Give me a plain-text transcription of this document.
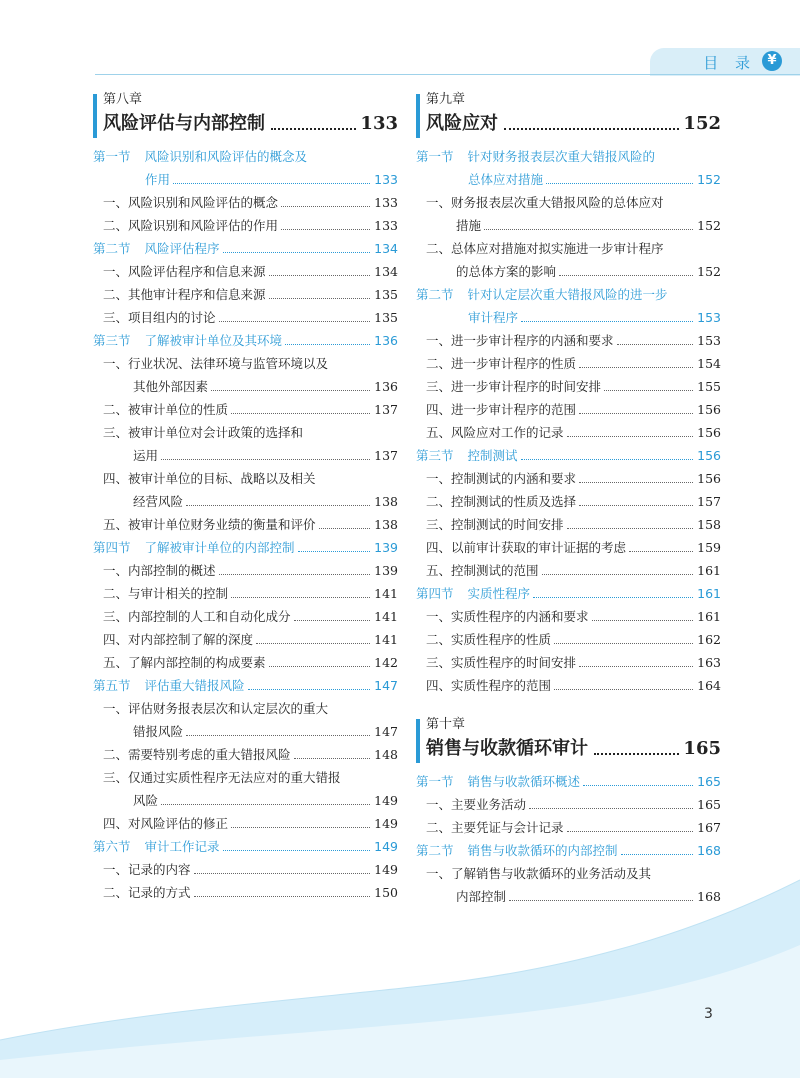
目 录 ¥
第八章
风险评估与内部控制	133
第一节 风险识别和风险评估的概念及
作用	133
一、风险识别和风险评估的概念	133
二、风险识别和风险评估的作用	133
第二节 风险评估程序	134
一、风险评估程序和信息来源	134
二、其他审计程序和信息来源	135
三、项目组内的讨论	135
第三节 了解被审计单位及其环境	136
一、行业状况、法律环境与监管环境以及
其他外部因素	136
二、被审计单位的性质	137
三、被审计单位对会计政策的选择和
运用	137
四、被审计单位的目标、战略以及相关
经营风险	138
五、被审计单位财务业绩的衡量和评价	138
第四节 了解被审计单位的内部控制	139
一、内部控制的概述	139
二、与审计相关的控制	141
三、内部控制的人工和自动化成分	141
四、对内部控制了解的深度	141
五、了解内部控制的构成要素	142
第五节 评估重大错报风险	147
一、评估财务报表层次和认定层次的重大
错报风险	147
二、需要特别考虑的重大错报风险	148
三、仅通过实质性程序无法应对的重大错报
风险	149
四、对风险评估的修正	149
第六节 审计工作记录	149
一、记录的内容	149
二、记录的方式	150
第九章
风险应对	152
第一节 针对财务报表层次重大错报风险的
总体应对措施	152
一、财务报表层次重大错报风险的总体应对
措施	152
二、总体应对措施对拟实施进一步审计程序
的总体方案的影响	152
第二节 针对认定层次重大错报风险的进一步
审计程序	153
一、进一步审计程序的内涵和要求	153
二、进一步审计程序的性质	154
三、进一步审计程序的时间安排	155
四、进一步审计程序的范围	156
五、风险应对工作的记录	156
第三节 控制测试	156
一、控制测试的内涵和要求	156
二、控制测试的性质及选择	157
三、控制测试的时间安排	158
四、以前审计获取的审计证据的考虑	159
五、控制测试的范围	161
第四节 实质性程序	161
一、实质性程序的内涵和要求	161
二、实质性程序的性质	162
三、实质性程序的时间安排	163
四、实质性程序的范围	164
第十章
销售与收款循环审计	165
第一节 销售与收款循环概述	165
一、主要业务活动	165
二、主要凭证与会计记录	167
第二节 销售与收款循环的内部控制	168
一、了解销售与收款循环的业务活动及其
内部控制	168
3
